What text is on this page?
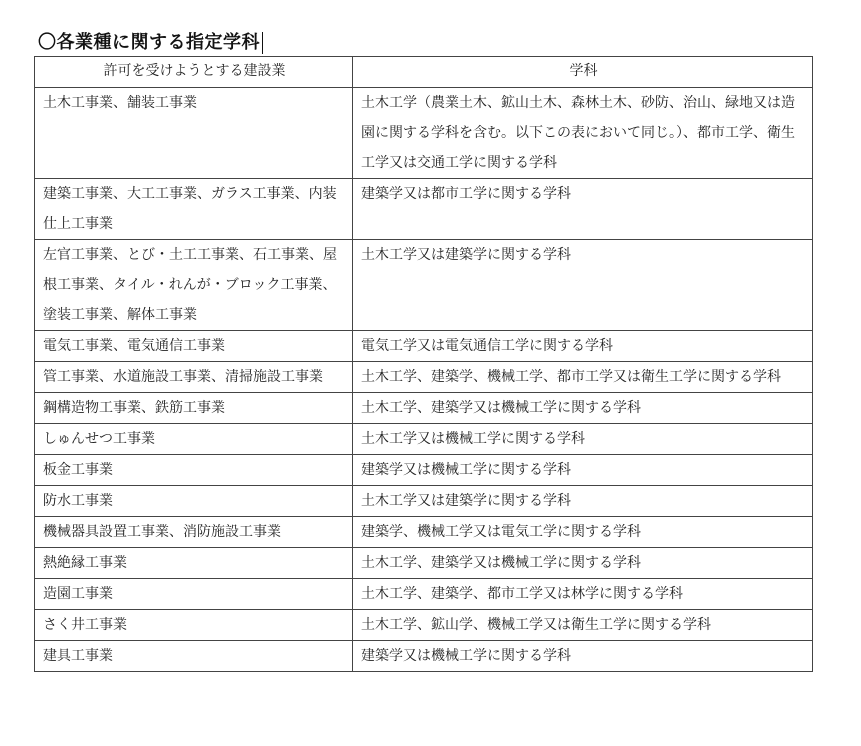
〇各業種に関する指定学科
許可を受けようとする建設業	学科
土木工事業、舗装工事業	土木工学（農業土木、鉱山土木、森林土木、砂防、治山、緑地又は造園に関する学科を含む。以下この表において同じ。）、都市工学、衛生工学又は交通工学に関する学科
建築工事業、大工工事業、ガラス工事業、内装仕上工事業	建築学又は都市工学に関する学科
左官工事業、とび・土工工事業、石工事業、屋根工事業、タイル・れんが・ブロック工事業、塗装工事業、解体工事業	土木工学又は建築学に関する学科
電気工事業、電気通信工事業	電気工学又は電気通信工学に関する学科
管工事業、水道施設工事業、清掃施設工事業	土木工学、建築学、機械工学、都市工学又は衛生工学に関する学科
鋼構造物工事業、鉄筋工事業	土木工学、建築学又は機械工学に関する学科
しゅんせつ工事業	土木工学又は機械工学に関する学科
板金工事業	建築学又は機械工学に関する学科
防水工事業	土木工学又は建築学に関する学科
機械器具設置工事業、消防施設工事業	建築学、機械工学又は電気工学に関する学科
熱絶縁工事業	土木工学、建築学又は機械工学に関する学科
造園工事業	土木工学、建築学、都市工学又は林学に関する学科
さく井工事業	土木工学、鉱山学、機械工学又は衛生工学に関する学科
建具工事業	建築学又は機械工学に関する学科
